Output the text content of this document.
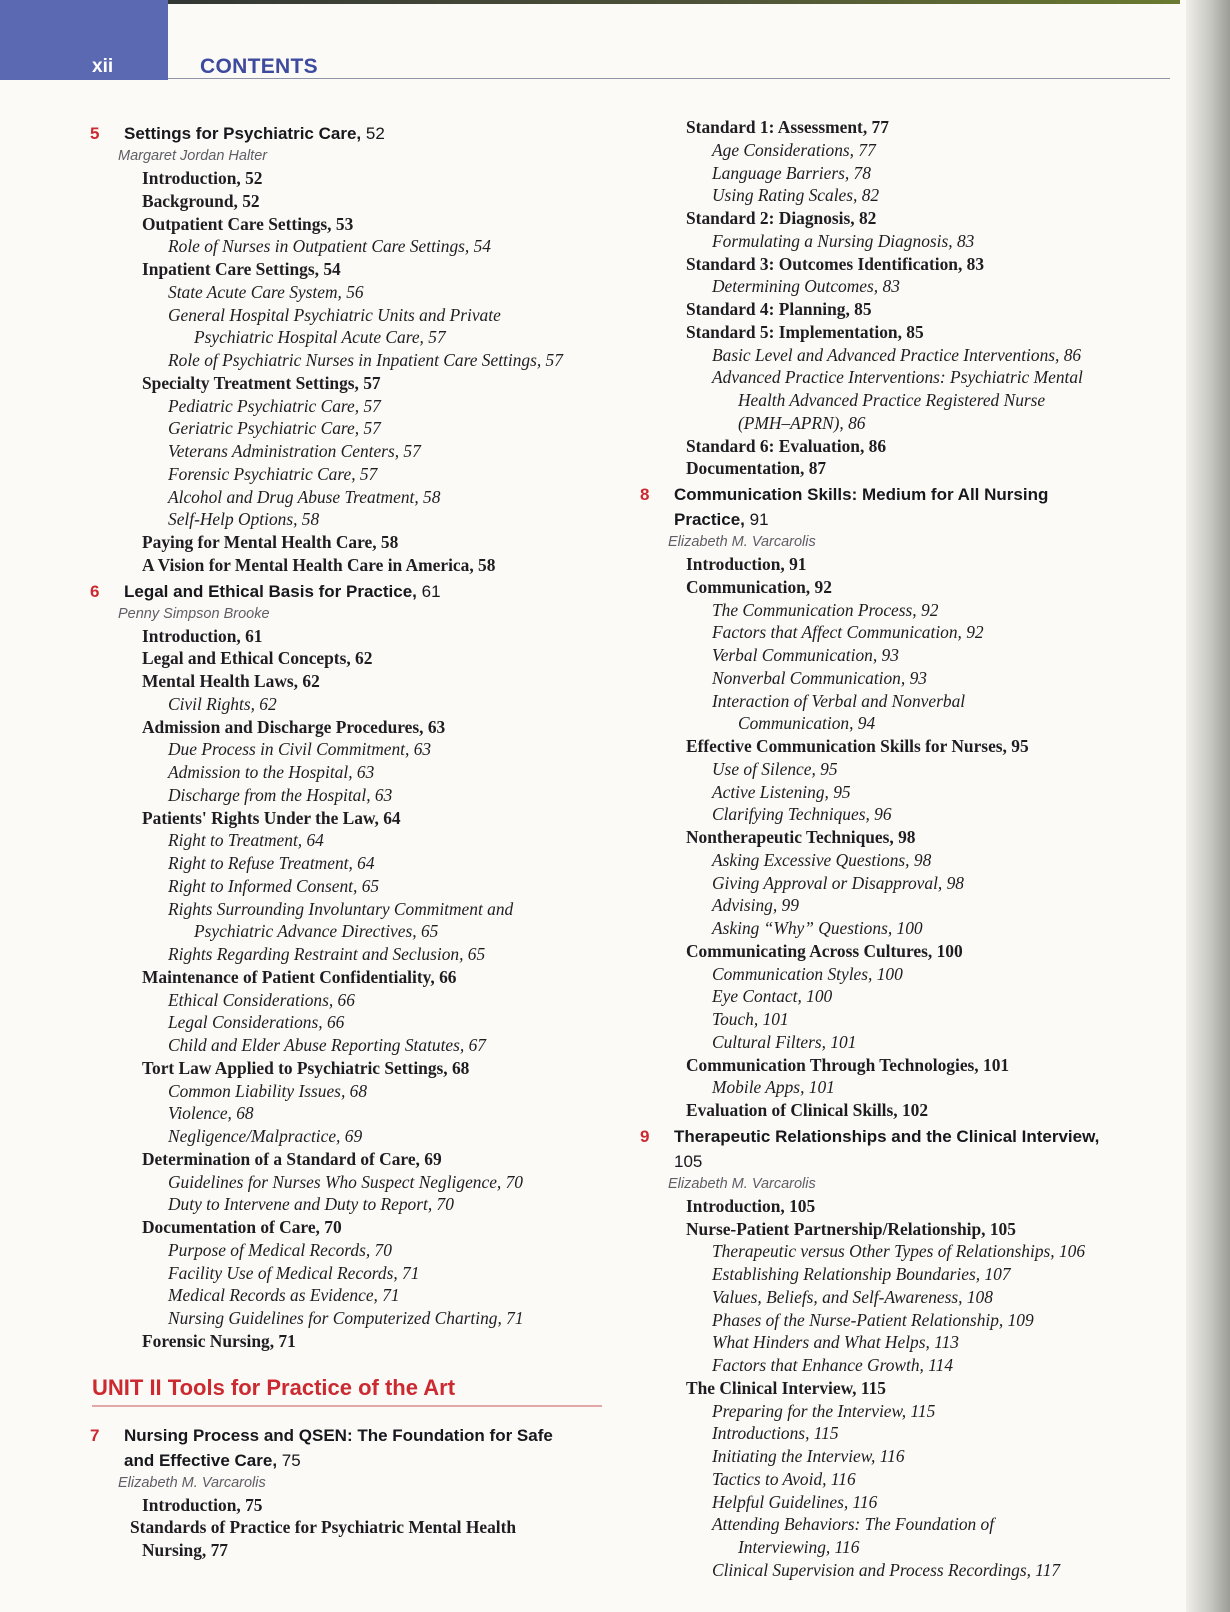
xii	CONTENTS
5	Settings for Psychiatric Care, 52
Margaret Jordan Halter
Introduction, 52
Background, 52
Outpatient Care Settings, 53
Role of Nurses in Outpatient Care Settings, 54
Inpatient Care Settings, 54
State Acute Care System, 56
General Hospital Psychiatric Units and Private
Psychiatric Hospital Acute Care, 57
Role of Psychiatric Nurses in Inpatient Care Settings, 57
Specialty Treatment Settings, 57
Pediatric Psychiatric Care, 57
Geriatric Psychiatric Care, 57
Veterans Administration Centers, 57
Forensic Psychiatric Care, 57
Alcohol and Drug Abuse Treatment, 58
Self-Help Options, 58
Paying for Mental Health Care, 58
A Vision for Mental Health Care in America, 58
6	Legal and Ethical Basis for Practice, 61
Penny Simpson Brooke
Introduction, 61
Legal and Ethical Concepts, 62
Mental Health Laws, 62
Civil Rights, 62
Admission and Discharge Procedures, 63
Due Process in Civil Commitment, 63
Admission to the Hospital, 63
Discharge from the Hospital, 63
Patients' Rights Under the Law, 64
Right to Treatment, 64
Right to Refuse Treatment, 64
Right to Informed Consent, 65
Rights Surrounding Involuntary Commitment and
Psychiatric Advance Directives, 65
Rights Regarding Restraint and Seclusion, 65
Maintenance of Patient Confidentiality, 66
Ethical Considerations, 66
Legal Considerations, 66
Child and Elder Abuse Reporting Statutes, 67
Tort Law Applied to Psychiatric Settings, 68
Common Liability Issues, 68
Violence, 68
Negligence/Malpractice, 69
Determination of a Standard of Care, 69
Guidelines for Nurses Who Suspect Negligence, 70
Duty to Intervene and Duty to Report, 70
Documentation of Care, 70
Purpose of Medical Records, 70
Facility Use of Medical Records, 71
Medical Records as Evidence, 71
Nursing Guidelines for Computerized Charting, 71
Forensic Nursing, 71
UNIT II Tools for Practice of the Art
7	Nursing Process and QSEN: The Foundation for Safe and Effective Care, 75
Elizabeth M. Varcarolis
Introduction, 75
Standards of Practice for Psychiatric Mental Health
Nursing, 77
Standard 1: Assessment, 77
Age Considerations, 77
Language Barriers, 78
Using Rating Scales, 82
Standard 2: Diagnosis, 82
Formulating a Nursing Diagnosis, 83
Standard 3: Outcomes Identification, 83
Determining Outcomes, 83
Standard 4: Planning, 85
Standard 5: Implementation, 85
Basic Level and Advanced Practice Interventions, 86
Advanced Practice Interventions: Psychiatric Mental
Health Advanced Practice Registered Nurse
(PMH–APRN), 86
Standard 6: Evaluation, 86
Documentation, 87
8	Communication Skills: Medium for All Nursing Practice, 91
Elizabeth M. Varcarolis
Introduction, 91
Communication, 92
The Communication Process, 92
Factors that Affect Communication, 92
Verbal Communication, 93
Nonverbal Communication, 93
Interaction of Verbal and Nonverbal
Communication, 94
Effective Communication Skills for Nurses, 95
Use of Silence, 95
Active Listening, 95
Clarifying Techniques, 96
Nontherapeutic Techniques, 98
Asking Excessive Questions, 98
Giving Approval or Disapproval, 98
Advising, 99
Asking “Why” Questions, 100
Communicating Across Cultures, 100
Communication Styles, 100
Eye Contact, 100
Touch, 101
Cultural Filters, 101
Communication Through Technologies, 101
Mobile Apps, 101
Evaluation of Clinical Skills, 102
9	Therapeutic Relationships and the Clinical Interview, 105
Elizabeth M. Varcarolis
Introduction, 105
Nurse-Patient Partnership/Relationship, 105
Therapeutic versus Other Types of Relationships, 106
Establishing Relationship Boundaries, 107
Values, Beliefs, and Self-Awareness, 108
Phases of the Nurse-Patient Relationship, 109
What Hinders and What Helps, 113
Factors that Enhance Growth, 114
The Clinical Interview, 115
Preparing for the Interview, 115
Introductions, 115
Initiating the Interview, 116
Tactics to Avoid, 116
Helpful Guidelines, 116
Attending Behaviors: The Foundation of
Interviewing, 116
Clinical Supervision and Process Recordings, 117
